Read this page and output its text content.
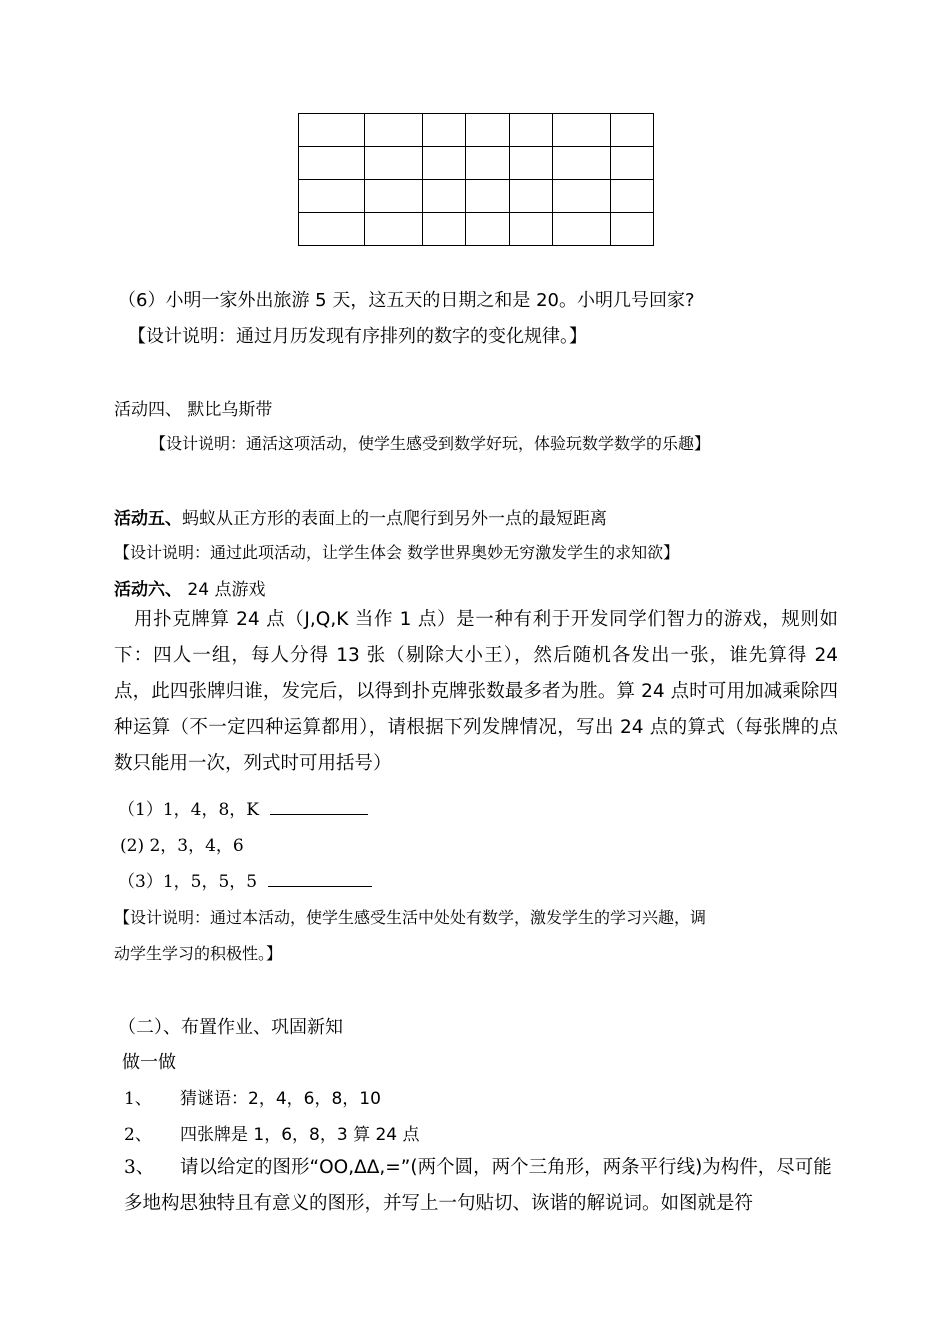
（6）小明一家外出旅游 5 天，这五天的日期之和是 20。小明几号回家?
【设计说明：通过月历发现有序排列的数字的变化规律。】
活动四、 默比乌斯带
【设计说明：通活这项活动，使学生感受到数学好玩，体验玩数学数学的乐趣】
活动五、蚂蚁从正方形的表面上的一点爬行到另外一点的最短距离
【设计说明：通过此项活动，让学生体会 数学世界奥妙无穷激发学生的求知欲】
活动六、 24 点游戏
用扑克牌算 24 点（J,Q,K 当作 1 点）是一种有利于开发同学们智力的游戏，规则如下：四人一组，每人分得 13 张（剔除大小王），然后随机各发出一张，谁先算得 24 点，此四张牌归谁，发完后，以得到扑克牌张数最多者为胜。算 24 点时可用加减乘除四种运算（不一定四种运算都用），请根据下列发牌情况，写出 24 点的算式（每张牌的点数只能用一次，列式时可用括号）
（1）1，4，8，K
(2) 2，3，4，6
（3）1，5，5，5
【设计说明：通过本活动，使学生感受生活中处处有数学，激发学生的学习兴趣，调
动学生学习的积极性。】
（二）、布置作业、巩固新知
做一做
1、 猜谜语：2，4，6，8，10
2、 四张牌是 1，6，8，3 算 24 点
3、 请以给定的图形“OO,ΔΔ,=”(两个圆，两个三角形，两条平行线)为构件，尽可能多地构思独特且有意义的图形，并写上一句贴切、诙谐的解说词。如图就是符
